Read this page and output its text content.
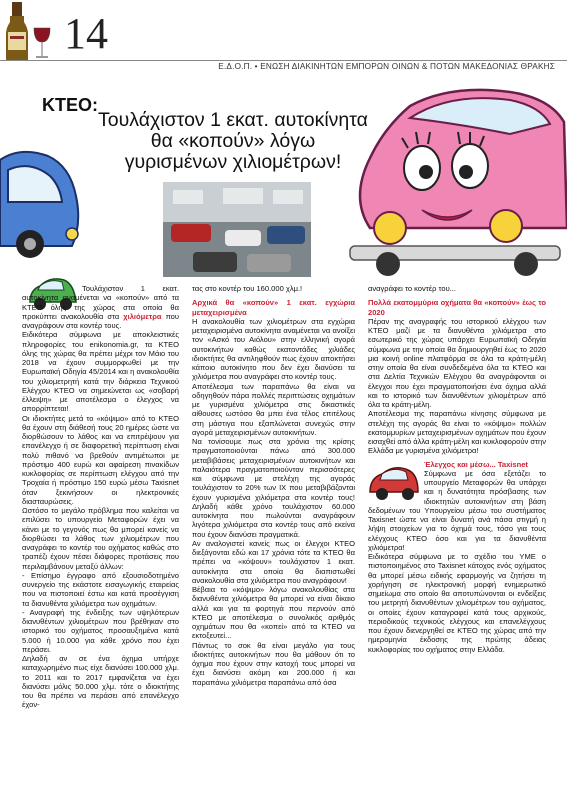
14
Ε.Δ.Ο.Π. • ΕΝΩΣΗ ΔΙΑΚΙΝΗΤΩΝ ΕΜΠΟΡΩΝ ΟΙΝΩΝ & ΠΟΤΩΝ ΜΑΚΕΔΟΝΙΑΣ ΘΡΑΚΗΣ
ΚΤΕΟ:
Τουλάχιστον 1 εκατ. αυτοκίνητα θα «κοπούν» λόγω γυρισμένων χιλιομέτρων!

Τουλάχιστον 1 εκατ. αυτοκίνητα αναμένεται να «κοπούν» από τα ΚΤΕΟ όλης της χώρας στα οποία θα προκύπτει ανακολουθία στα χιλιόμετρα που αναγράφουν στα κοντέρ τους.

Ειδικότερα σύμφωνα με αποκλειστικές πληροφορίες του enikonomia.gr, τα ΚΤΕΟ όλης της χώρας θα πρέπει μέχρι τον Μάιο του 2018 να έχουν συμμορφωθεί με την Ευρωπαϊκή Οδηγία 45/2014 και η ανακολουθία του χιλιομετρητή κατά την διάρκεια Τεχνικού Ελέγχου ΚΤΕΟ να σημειώνεται ως «σοβαρή έλλειψη» με αποτέλεσμα ο έλεγχος να απορρίπτεται!

Οι ιδιοκτήτες μετά το «κόψιμο» από το ΚΤΕΟ θα έχουν στη διάθεσή τους 20 ημέρες ώστε να διορθώσουν το λάθος και να επιτρέψουν για επανέλεγχο ή σε διαφορετική περίπτωση είναι πολύ πιθανό να βρεθούν αντιμέτωποι με πρόστιμο 400 ευρώ και αφαίρεση πινακίδων κυκλοφορίας σε περίπτωση ελέγχου από την Τροχαία ή πρόστιμο 150 ευρώ μέσω Taxisnet όταν ξεκινήσουν οι ηλεκτρονικές διασταυρώσεις.

Ωστόσο το μεγάλο πρόβλημα που καλείται να επιλύσει το υπουργείο Μεταφορών έχει να κάνει με το γεγονός πως θα μπορεί κανείς να διορθώσει τα λάθος των χιλιομέτρων που αναγράφει το κοντέρ του οχήματος καθώς στο τραπέζι έχουν πέσει διάφορες προτάσεις που περιλαμβάνουν μεταξύ άλλων:

- Επίσημο έγγραφο από εξουσιοδοτημένο συνεργείο της εκάστοτε εισαγωγικής εταιρείας που να πιστοποιεί έστω και κατά προσέγγιση τα διανυθέντα χιλιόμετρα των οχημάτων.

- Αναγραφή της ένδειξης των υψηλότερων διανυθέντων χιλιομέτρων που βρέθηκαν στο ιστορικό του οχήματος προσαυξημένα κατά 5.000 ή 10.000 για κάθε χρόνο που έχει περάσει.

Δηλαδή αν σε ένα όχημα υπήρχε καταχωρημένο πως είχε διανύσει 100.000 χλμ. το 2011 και το 2017 εμφανίζεται να έχει διανύσει μόλις 50.000 χλμ. τότε ο ιδιοκτήτης του θα πρέπει να περάσει από επανέλεγχο έχον-

τας στο κοντέρ του 160.000 χλμ.!

Αρχικά θα «κοπούν» 1 εκατ. εγχώρια μεταχειρισμένα

Η ανακολουθία των χιλιομέτρων στα εγχώρια μεταχειρισμένα αυτοκίνητα αναμένεται να ανοίξει τον «Ασκό του Αιόλου» στην ελληνική αγορά αυτοκινήτων καθώς εκατοντάδες χιλιάδες ιδιοκτήτες θα αντιληφθούν πως έχουν αποκτήσει κάποιο αυτοκίνητο που δεν έχει διανύσει τα χιλιόμετρα που αναγράφει στο κοντέρ τους.

Αποτέλεσμα των παραπάνω θα είναι να οδηγηθούν πάρα πολλές περιπτώσεις οχημάτων με γυρισμένα χιλιόμετρα στις δικαστικές αίθουσες ωστόσο θα μπει ένα τέλος επιτέλους στη μάστιγα που εξαπλώνεται συνεχώς στην αγορά μεταχειρισμένων αυτοκινήτων.

Να τονίσουμε πως στα χρόνια της κρίσης πραγματοποιούνται πάνω από 300.000 μεταβιβάσεις μεταχειρισμένων αυτοκινήτων και παλαιότερα πραγματοποιούνταν περισσότερες και σύμφωνα με στελέχη της αγοράς τουλάχιστον το 20% των ΙΧ που μεταβιβάζονται έχουν γυρισμένα χιλιόμετρα στα κοντέρ τους! Δηλαδή κάθε χρόνο τουλάχιστον 60.000 αυτοκίνητα που πωλούνται αναγράφουν λιγότερα χιλιόμετρα στα κοντέρ τους από εκείνα που έχουν διανύσει πραγματικά.

Αν αναλογιστεί κανείς πως οι έλεγχοι ΚΤΕΟ διεξάγονται εδώ και 17 χρόνια τότε τα ΚΤΕΟ θα πρέπει να «κόψουν» τουλάχιστον 1 εκατ. αυτοκίνητα στα οποία θα διαπιστωθεί ανακολουθία στα χιλιόμετρα που αναγράφουν!

Βέβαια το «κόψιμο» λόγω ανακολουθίας στα διανυθέντα χιλιόμετρα θα μπορεί να είναι δίκαιο αλλά και για τα φορτηγά που περνούν από ΚΤΕΟ με αποτέλεσμα ο συνολικός αριθμός οχημάτων που θα «κοπεί» από τα ΚΤΕΟ να εκτοξευτεί...

Πάντως το σοκ θα είναι μεγάλο για τους ιδιοκτήτες αυτοκινήτων που θα μάθουν ότι το όχημα που έχουν στην κατοχή τους μπορεί να έχει διανύσει ακόμη και 200.000 ή και παραπάνω χιλιόμετρα παραπάνω από όσα

αναγράφει το κοντέρ του...

Πολλά εκατομμύρια οχήματα θα «κοπούν» έως το 2020

Πέραν της αναγραφής του ιστορικού ελέγχου των ΚΤΕΟ μαζί με τα διανυθέντα χιλιόμετρα στο εσωτερικό της χώρας υπάρχει Ευρωπαϊκή Οδηγία σύμφωνα με την οποία θα δημιουργηθεί έως το 2020 μια κοινή online πλατφόρμα σε όλα τα κράτη-μέλη στην οποία θα είναι συνδεδεμένα όλα τα ΚΤΕΟ και στα Δελτία Τεχνικών Ελέγχου θα αναγράφονται οι έλεγχοι που έχει πραγματοποιήσει ένα όχημα αλλά και το ιστορικό των διανυθέντων χιλιομέτρων από όλα τα κράτη-μέλη.

Αποτέλεσμα της παραπάνω κίνησης σύμφωνα με στελέχη της αγοράς θα είναι το «κόψιμο» πολλών εκατομμυρίων μεταχειρισμένων οχημάτων που έχουν εισαχθεί από άλλα κράτη-μέλη και κυκλοφορούν στην Ελλάδα με γυρισμένα χιλιόμετρα!

Έλεγχος και μέσω... Taxisnet

Σύμφωνα με όσα εξετάζει το υπουργείο Μεταφορών θα υπάρχει και η δυνατότητα πρόσβασης των ιδιοκτητών αυτοκινήτων στη βάση δεδομένων του Υπουργείου μέσω του συστήματος Taxisnet ώστε να είναι δυνατή ανά πάσα στιγμή η λήψη στοιχείων για το όχημά τους, τόσο για τους ελέγχους ΚΤΕΟ όσο και για τα διανυθέντα χιλιόμετρα!

Ειδικότερα σύμφωνα με το σχέδιο του ΥΜΕ ο πιστοποιημένος στο Taxisnet κάτοχος ενός οχήματος θα μπορεί μέσω ειδικής εφαρμογής να ζητήσει τη χορήγηση σε ηλεκτρονική μορφή ενημερωτικό σημείωμα στο οποίο θα αποτυπώνονται οι ενδείξεις του μετρητή διανυθέντων χιλιομέτρων του οχήματος, οι οποίες έχουν καταγραφεί κατά τους αρχικούς, περιοδικούς τεχνικούς ελέγχους και επανελέγχους που έχουν διενεργηθεί σε ΚΤΕΟ της χώρας από την ημερομηνία έκδοσης της πρώτης άδειας κυκλοφορίας του οχήματος στην Ελλάδα.
